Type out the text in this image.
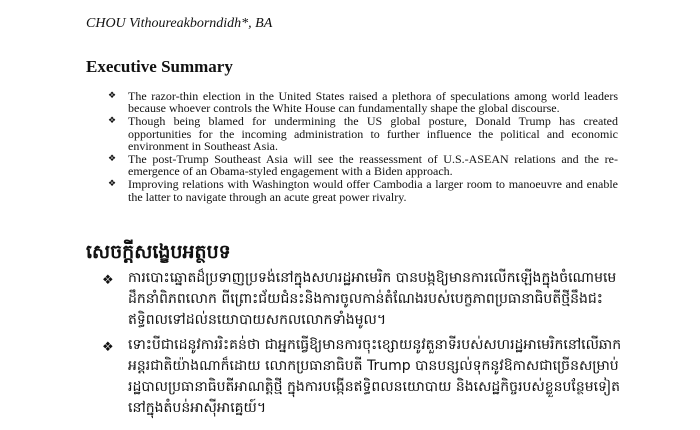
CHOU Vithoureakborndidh*, BA
Executive Summary
❖ The razor-thin election in the United States raised a plethora of speculations among world leaders because whoever controls the White House can fundamentally shape the global discourse.
❖ Though being blamed for undermining the US global posture, Donald Trump has created opportunities for the incoming administration to further influence the political and economic environment in Southeast Asia.
❖ The post-Trump Southeast Asia will see the reassessment of U.S.-ASEAN relations and the re-emergence of an Obama-styled engagement with a Biden approach.
❖ Improving relations with Washington would offer Cambodia a larger room to manoeuvre and enable the latter to navigate through an acute great power rivalry.
សេចក្តីសង្ខេបអត្ថបទ
❖ ការបោះឆ្នោតដ៏ប្រទាញប្រទង់នៅក្នុងសហរដ្ឋអាមេរិក បានបង្កឱ្យមានការលើកឡើងក្នុងចំណោមមេដឹកនាំពិភពលោក ពីព្រោះជ័យជំនះនិងការចូលកាន់តំណែងរបស់បេក្ខភាពប្រធានាធិបតីថ្មីនឹងជះឥទ្ធិពលទៅដល់នយោបាយសកលលោកទាំងមូល។
❖ ទោះបីជាដេនូវការរិះគន់ថា ជាអ្នកធ្វើឱ្យមានការចុះខ្សោយនូវតួនាទីរបស់សហរដ្ឋអាមេរិកនៅលើឆាកអន្តរជាតិយ៉ាងណាក៏ដោយ លោកប្រធានាធិបតី Trump បានបន្សល់ទុកនូវឱកាសជាច្រើនសម្រាប់រដ្ឋបាលប្រធានាធិបតីអាណត្តិថ្មី ក្នុងការបង្កើនឥទ្ធិពលនយោបាយ និងសេដ្ឋកិច្ចរបស់ខ្លួនបន្ថែមទៀតនៅក្នុងតំបន់អាស៊ីអាគ្នេយ៍។
